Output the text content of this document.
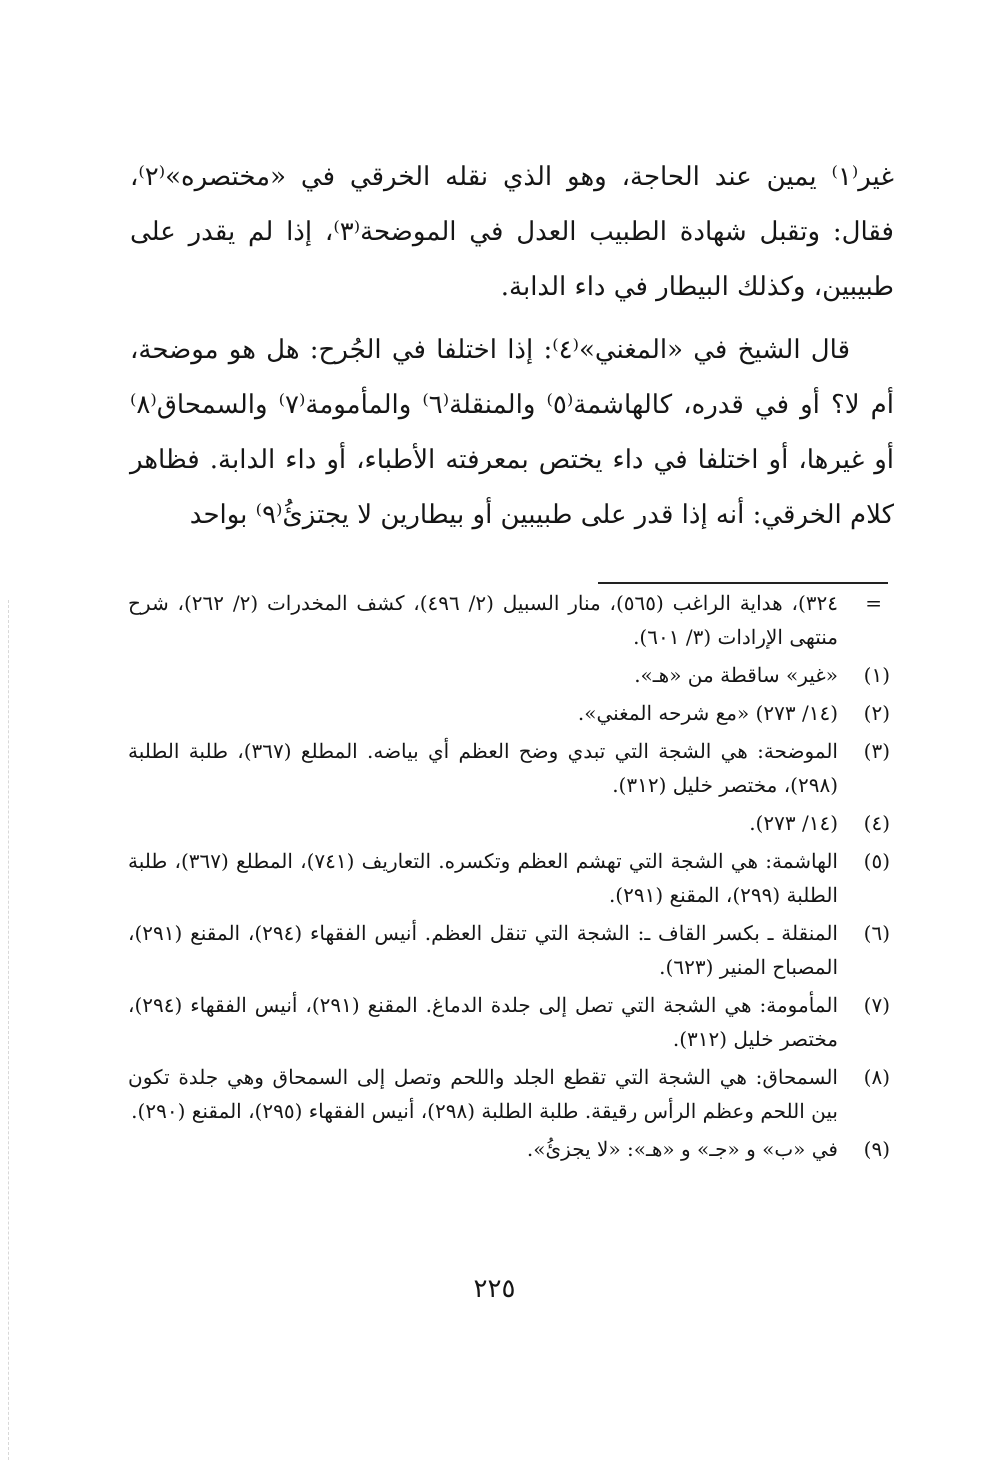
غير⁽١⁾ يمين عند الحاجة، وهو الذي نقله الخرقي في «مختصره»⁽٢⁾، فقال: وتقبل شهادة الطبيب العدل في الموضحة⁽٣⁾، إذا لم يقدر على طبيبين، وكذلك البيطار في داء الدابة.

قال الشيخ في «المغني»⁽٤⁾: إذا اختلفا في الجُرح: هل هو موضحة، أم لا؟ أو في قدره، كالهاشمة⁽٥⁾ والمنقلة⁽٦⁾ والمأمومة⁽٧⁾ والسمحاق⁽٨⁾ أو غيرها، أو اختلفا في داء يختص بمعرفته الأطباء، أو داء الدابة. فظاهر كلام الخرقي: أنه إذا قدر على طبيبين أو بيطارين لا يجتزئُ⁽٩⁾ بواحد

=
٣٢٤)، هداية الراغب (٥٦٥)، منار السبيل (٢/ ٤٩٦)، كشف المخدرات (٢/ ٢٦٢)، شرح منتهى الإرادات (٣/ ٦٠١).
(١)
«غير» ساقطة من «هـ».
(٢)
(١٤/ ٢٧٣) «مع شرحه المغني».
(٣)
الموضحة: هي الشجة التي تبدي وضح العظم أي بياضه. المطلع (٣٦٧)، طلبة الطلبة (٢٩٨)، مختصر خليل (٣١٢).
(٤)
(١٤/ ٢٧٣).
(٥)
الهاشمة: هي الشجة التي تهشم العظم وتكسره. التعاريف (٧٤١)، المطلع (٣٦٧)، طلبة الطلبة (٢٩٩)، المقنع (٢٩١).
(٦)
المنقلة ـ بكسر القاف ـ: الشجة التي تنقل العظم. أنيس الفقهاء (٢٩٤)، المقنع (٢٩١)، المصباح المنير (٦٢٣).
(٧)
المأمومة: هي الشجة التي تصل إلى جلدة الدماغ. المقنع (٢٩١)، أنيس الفقهاء (٢٩٤)، مختصر خليل (٣١٢).
(٨)
السمحاق: هي الشجة التي تقطع الجلد واللحم وتصل إلى السمحاق وهي جلدة تكون بين اللحم وعظم الرأس رقيقة. طلبة الطلبة (٢٩٨)، أنيس الفقهاء (٢٩٥)، المقنع (٢٩٠).
(٩)
في «ب» و «جـ» و «هـ»: «لا يجزئُ».
٢٢٥
